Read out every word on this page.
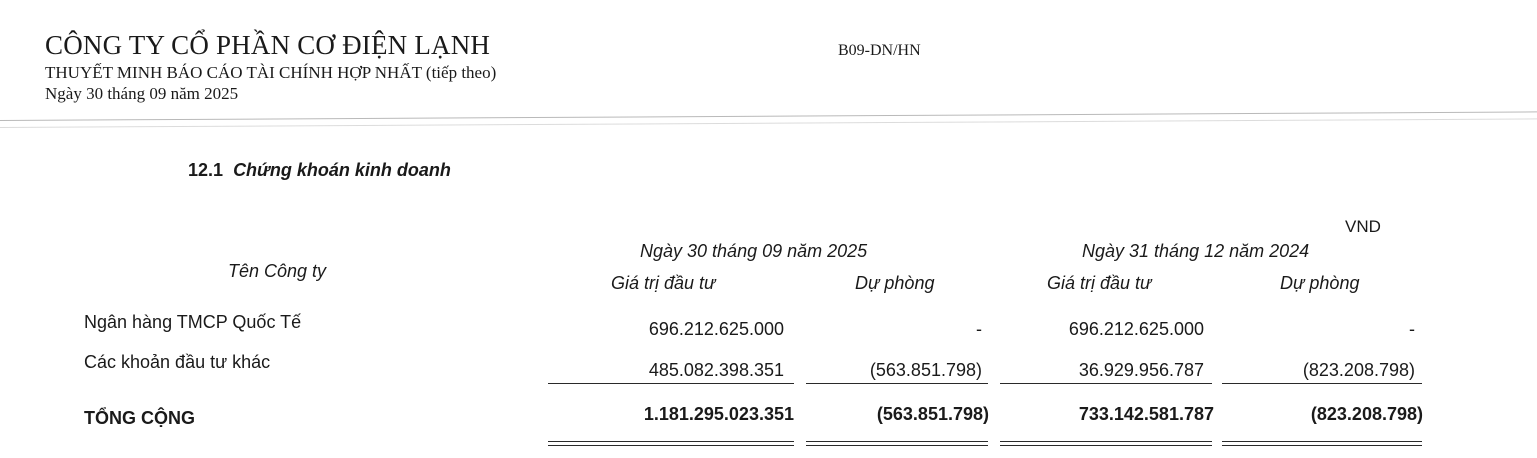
CÔNG TY CỔ PHẦN CƠ ĐIỆN LẠNH
THUYẾT MINH BÁO CÁO TÀI CHÍNH HỢP NHẤT (tiếp theo)
Ngày 30 tháng 09 năm 2025
B09-DN/HN
12.1 Chứng khoán kinh doanh
VND
Ngày 30 tháng 09 năm 2025	Ngày 31 tháng 12 năm 2024
Tên Công ty
Giá trị đầu tư	Dự phòng	Giá trị đầu tư	Dự phòng
Ngân hàng TMCP Quốc Tế	696.212.625.000	-	696.212.625.000	-
Các khoản đầu tư khác	485.082.398.351	(563.851.798)	36.929.956.787	(823.208.798)
TỔNG CỘNG	1.181.295.023.351	(563.851.798)	733.142.581.787	(823.208.798)
